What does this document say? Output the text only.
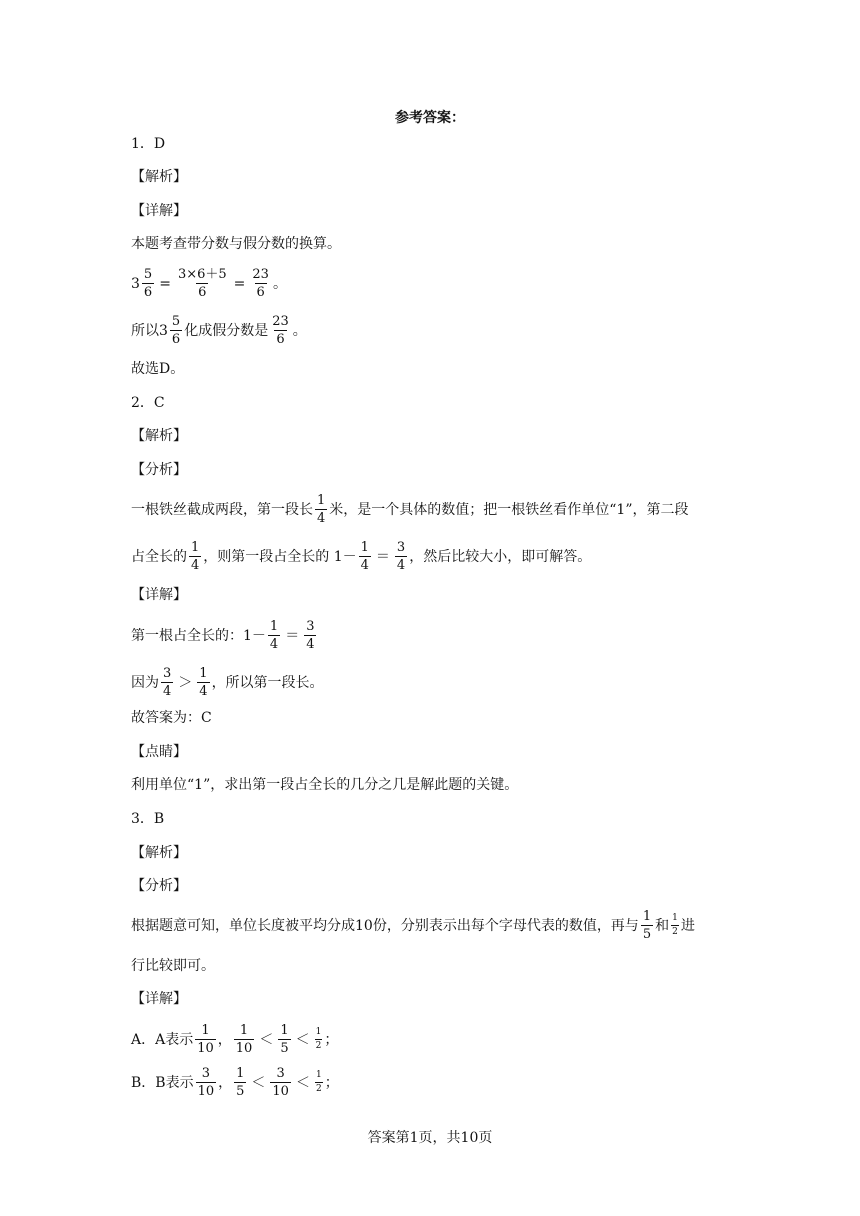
参考答案：
1．D
【解析】
【详解】
本题考查带分数与假分数的换算。
$3 \frac{5}{6} = \frac{3\times 6+5}{6} = \frac{23}{6}$ 。
所以 $3 \frac{5}{6}$ 化成假分数是 $\frac{23}{6}$ 。
故选D。
2．C
【解析】
【分析】
一根铁丝截成两段，第一段长 $\frac{1}{4}$ 米，是一个具体的数值；把一根铁丝看作单位“1”，第二段
占全长的 $\frac{1}{4}$ ，则第一段占全长的 $1- \frac{1}{4} = \frac{3}{4}$ ，然后比较大小，即可解答。
【详解】
第一根占全长的：$1- \frac{1}{4} = \frac{3}{4}$
因为 $\frac{3}{4} > \frac{1}{4}$ ，所以第一段长。
故答案为：C
【点睛】
利用单位“1”，求出第一段占全长的几分之几是解此题的关键。
3．B
【解析】
【分析】
根据题意可知，单位长度被平均分成10份，分别表示出每个字母代表的数值，再与 $\frac{1}{5}$ 和 $\frac{1}{2}$ 进
行比较即可。
【详解】
A．A表示 $\frac{1}{10}$ ， $\frac{1}{10} < \frac{1}{5} < \frac{1}{2}$ ；
B．B表示 $\frac{3}{10}$ ， $\frac{1}{5} < \frac{3}{10} < \frac{1}{2}$ ；
答案第1页，共10页
